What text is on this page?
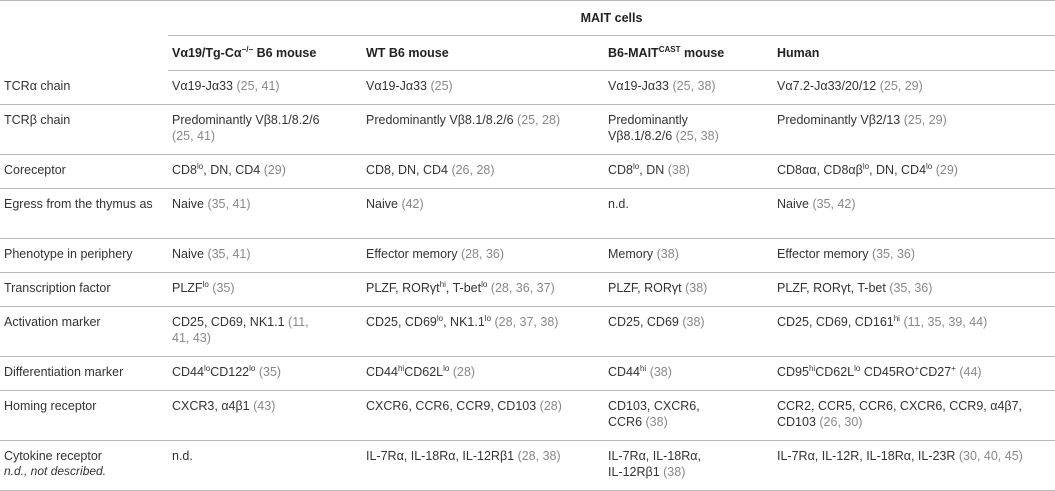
	MAIT cells			
	Vα19/Tg-Cα−/− B6 mouse	WT B6 mouse	$B6-MAIT^{CAST}$ mouse	Human
TCRα chain	Vα19-Jα33 (25, 41)	Vα19-Jα33 (25)	Vα19-Jα33 (25, 38)	Vα7.2-Jα33/20/12 (25, 29)
TCRβ chain	Predominantly Vβ8.1/8.2/6
(25, 41)	Predominantly Vβ8.1/8.2/6 (25, 28)	Predominantly
Vβ8.1/8.2/6 (25, 38)	Predominantly Vβ2/13 (25, 29)
Coreceptor	$CD8^{lo}$, DN, CD4 (29)	CD8, DN, CD4 (26, 28)	$CD8^{lo}$, DN (38)	CD8αα, $CD8\alpha\beta^{lo}$, DN, $CD4^{lo}$ (29)
Egress from the thymus as	Naive (35, 41)	Naive (42)	n.d.	Naive (35, 42)
Phenotype in periphery	Naive (35, 41)	Effector memory (28, 36)	Memory (38)	Effector memory (35, 36)
Transcription factor	$PLZF^{lo}$ (35)	PLZF, RORγt$^{hi}$, T-bet$^{lo}$ (28, 36, 37)	PLZF, RORγt (38)	PLZF, RORγt, T-bet (35, 36)
Activation marker	CD25, CD69, NK1.1 (11,
41, 43)	CD25, $CD69^{lo}$, $NK1.1^{lo}$ (28, 37, 38)	CD25, CD69 (38)	CD25, CD69, $CD161^{hi}$ (11, 35, 39, 44)
Differentiation marker	$CD44^{lo}CD122^{lo}$ (35)	$CD44^{hi}CD62L^{lo}$ (28)	$CD44^{hi}$ (38)	$CD95^{hi}CD62L^{lo}$ CD45RO+CD27+ (44)
Homing receptor	CXCR3, α4β1 (43)	CXCR6, CCR6, CCR9, CD103 (28)	CD103, CXCR6,
CCR6 (38)	CCR2, CCR5, CCR6, CXCR6, CCR9, α4β7,
CD103 (26, 30)
Cytokine receptor	n.d.	IL-7Rα, IL-18Rα, IL-12Rβ1 (28, 38)	IL-7Rα, IL-18Rα,
IL-12Rβ1 (38)	IL-7Rα, IL-12R, IL-18Rα, IL-23R (30, 40, 45)
n.d., not described.
